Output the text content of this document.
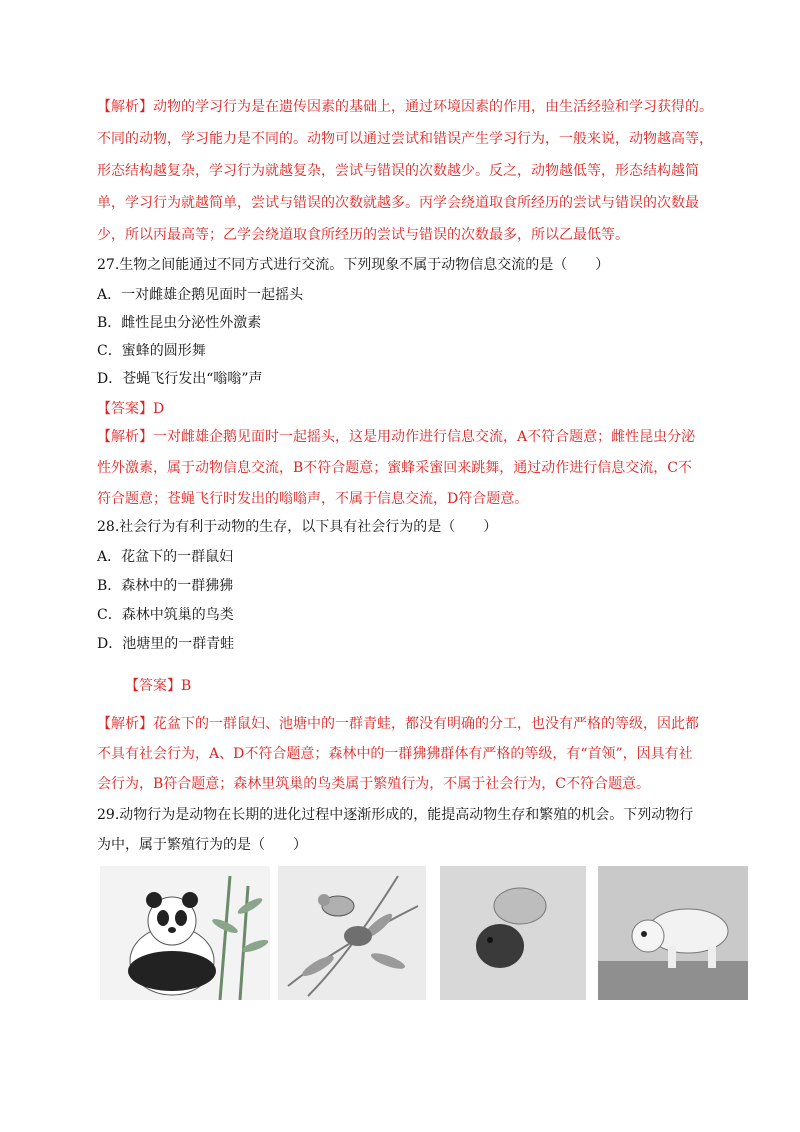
【解析】动物的学习行为是在遗传因素的基础上，通过环境因素的作用，由生活经验和学习获得的。
不同的动物，学习能力是不同的。动物可以通过尝试和错误产生学习行为，一般来说，动物越高等，
形态结构越复杂，学习行为就越复杂，尝试与错误的次数越少。反之，动物越低等，形态结构越简
单，学习行为就越简单，尝试与错误的次数就越多。丙学会绕道取食所经历的尝试与错误的次数最
少，所以丙最高等；乙学会绕道取食所经历的尝试与错误的次数最多，所以乙最低等。
27.生物之间能通过不同方式进行交流。下列现象不属于动物信息交流的是（　　）
A．一对雌雄企鹅见面时一起摇头
B．雌性昆虫分泌性外激素
C．蜜蜂的圆形舞
D．苍蝇飞行发出“嗡嗡”声
【答案】D
【解析】一对雌雄企鹅见面时一起摇头，这是用动作进行信息交流，A不符合题意；雌性昆虫分泌
性外激素，属于动物信息交流，B不符合题意；蜜蜂采蜜回来跳舞，通过动作进行信息交流，C不
符合题意；苍蝇飞行时发出的嗡嗡声，不属于信息交流，D符合题意。
28.社会行为有利于动物的生存，以下具有社会行为的是（　　）
A．花盆下的一群鼠妇
B．森林中的一群狒狒
C．森林中筑巢的鸟类
D．池塘里的一群青蛙
【答案】B
【解析】花盆下的一群鼠妇、池塘中的一群青蛙，都没有明确的分工，也没有严格的等级，因此都
不具有社会行为，A、D不符合题意；森林中的一群狒狒群体有严格的等级，有“首领”，因具有社
会行为，B符合题意；森林里筑巢的鸟类属于繁殖行为，不属于社会行为，C不符合题意。
29.动物行为是动物在长期的进化过程中逐渐形成的，能提高动物生存和繁殖的机会。下列动物行
为中，属于繁殖行为的是（　　）
